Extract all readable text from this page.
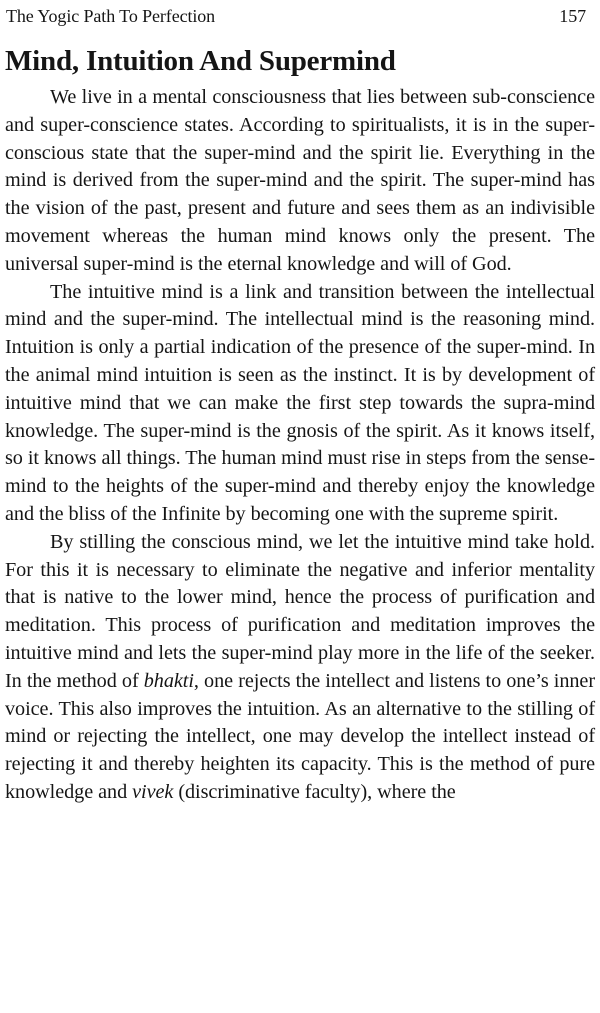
The Yogic Path To Perfection	157
Mind, Intuition And Supermind

We live in a mental consciousness that lies between sub-conscience and super-conscience states. According to spiritualists, it is in the super-conscious state that the super-mind and the spirit lie. Everything in the mind is derived from the super-mind and the spirit. The super-mind has the vision of the past, present and future and sees them as an indivisible movement whereas the human mind knows only the present. The universal super-mind is the eternal knowledge and will of God.

The intuitive mind is a link and transition between the intellectual mind and the super-mind. The intellectual mind is the reasoning mind. Intuition is only a partial indication of the presence of the super-mind. In the animal mind intuition is seen as the instinct. It is by development of intuitive mind that we can make the first step towards the supra-mind knowledge. The super-mind is the gnosis of the spirit. As it knows itself, so it knows all things. The human mind must rise in steps from the sense-mind to the heights of the super-mind and thereby enjoy the knowledge and the bliss of the Infinite by becoming one with the supreme spirit.

By stilling the conscious mind, we let the intuitive mind take hold. For this it is necessary to eliminate the negative and inferior mentality that is native to the lower mind, hence the process of purification and meditation. This process of purification and meditation improves the intuitive mind and lets the super-mind play more in the life of the seeker. In the method of bhakti, one rejects the intellect and listens to one’s inner voice. This also improves the intuition. As an alternative to the stilling of mind or rejecting the intellect, one may develop the intellect instead of rejecting it and thereby heighten its capacity. This is the method of pure knowledge and vivek (discriminative faculty), where the
